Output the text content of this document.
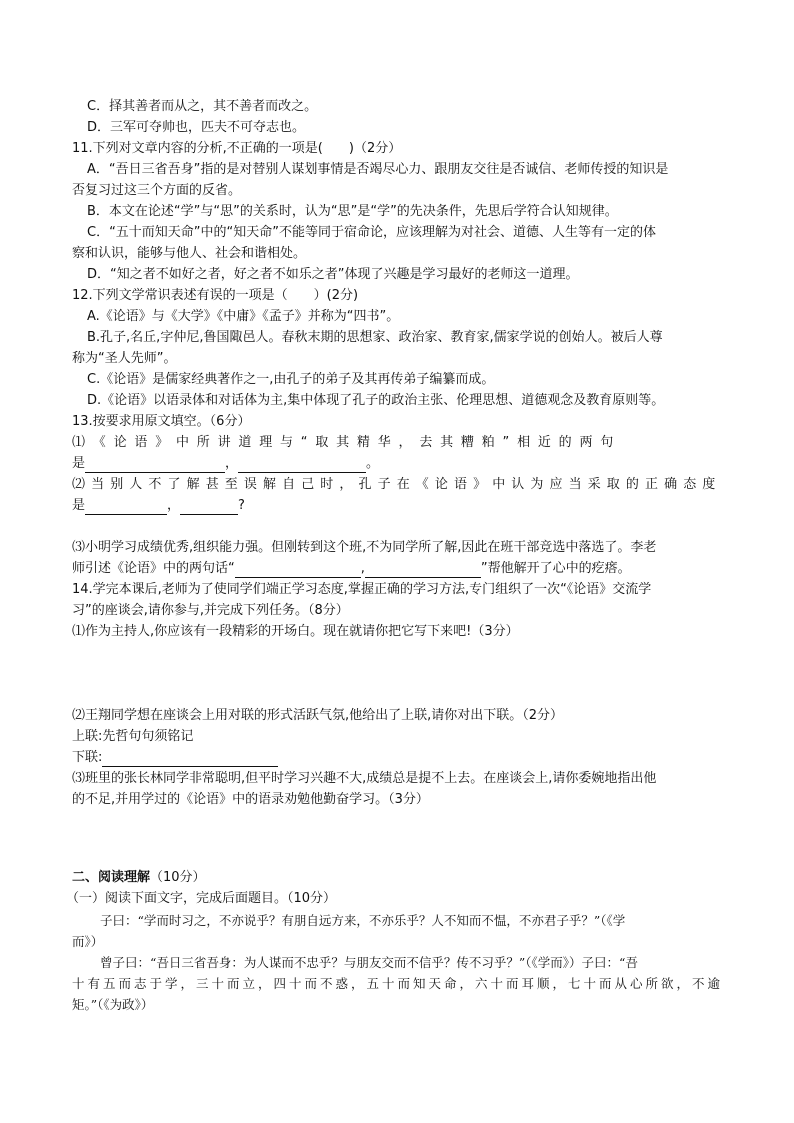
C．择其善者而从之，其不善者而改之。
D．三军可夺帅也，匹夫不可夺志也。
11.下列对文章内容的分析,不正确的一项是(　　)（2分）
A．“吾日三省吾身”指的是对替别人谋划事情是否竭尽心力、跟朋友交往是否诚信、老师传授的知识是
否复习过这三个方面的反省。
B．本文在论述“学”与“思”的关系时，认为“思”是“学”的先决条件，先思后学符合认知规律。
C．“五十而知天命”中的“知天命”不能等同于宿命论，应该理解为对社会、道德、人生等有一定的体
察和认识，能够与他人、社会和谐相处。
D．“知之者不如好之者，好之者不如乐之者”体现了兴趣是学习最好的老师这一道理。
12.下列文学常识表述有误的一项是（　　）(2分)
A.《论语》与《大学》《中庸》《孟子》并称为“四书”。
B.孔子,名丘,字仲尼,鲁国陬邑人。春秋末期的思想家、政治家、教育家,儒家学说的创始人。被后人尊
称为“圣人先师”。
C.《论语》是儒家经典著作之一,由孔子的弟子及其再传弟子编纂而成。
D.《论语》以语录体和对话体为主,集中体现了孔子的政治主张、伦理思想、道德观念及教育原则等。
13.按要求用原文填空。（6分）
⑴《论语》中所讲道理与“取其精华，去其糟粕”相近的两句
是	，	。
⑵当别人不了解甚至误解自己时，孔子在《论语》中认为应当采取的正确态度
是	，	?
⑶小明学习成绩优秀,组织能力强。但刚转到这个班,不为同学所了解,因此在班干部竞选中落选了。李老
师引述《论语》中的两句话“	,	”帮他解开了心中的疙瘩。
14.学完本课后,老师为了使同学们端正学习态度,掌握正确的学习方法,专门组织了一次“《论语》交流学
习”的座谈会,请你参与,并完成下列任务。（8分）
⑴作为主持人,你应该有一段精彩的开场白。现在就请你把它写下来吧!（3分）
⑵王翔同学想在座谈会上用对联的形式活跃气氛,他给出了上联,请你对出下联。（2分）
上联:先哲句句须铭记
下联:
⑶班里的张长林同学非常聪明,但平时学习兴趣不大,成绩总是提不上去。在座谈会上,请你委婉地指出他
的不足,并用学过的《论语》中的语录劝勉他勤奋学习。（3分）
二、阅读理解（10分）
（一）阅读下面文字，完成后面题目。（10分）
子曰：“学而时习之，不亦说乎？有朋自远方来，不亦乐乎？人不知而不愠，不亦君子乎？”（《学
而》）
曾子曰：“吾日三省吾身：为人谋而不忠乎？与朋友交而不信乎？传不习乎？”（《学而》）子曰：“吾
十有五而志于学，三十而立，四十而不惑，五十而知天命，六十而耳顺，七十而从心所欲，不逾
矩。”（《为政》）
